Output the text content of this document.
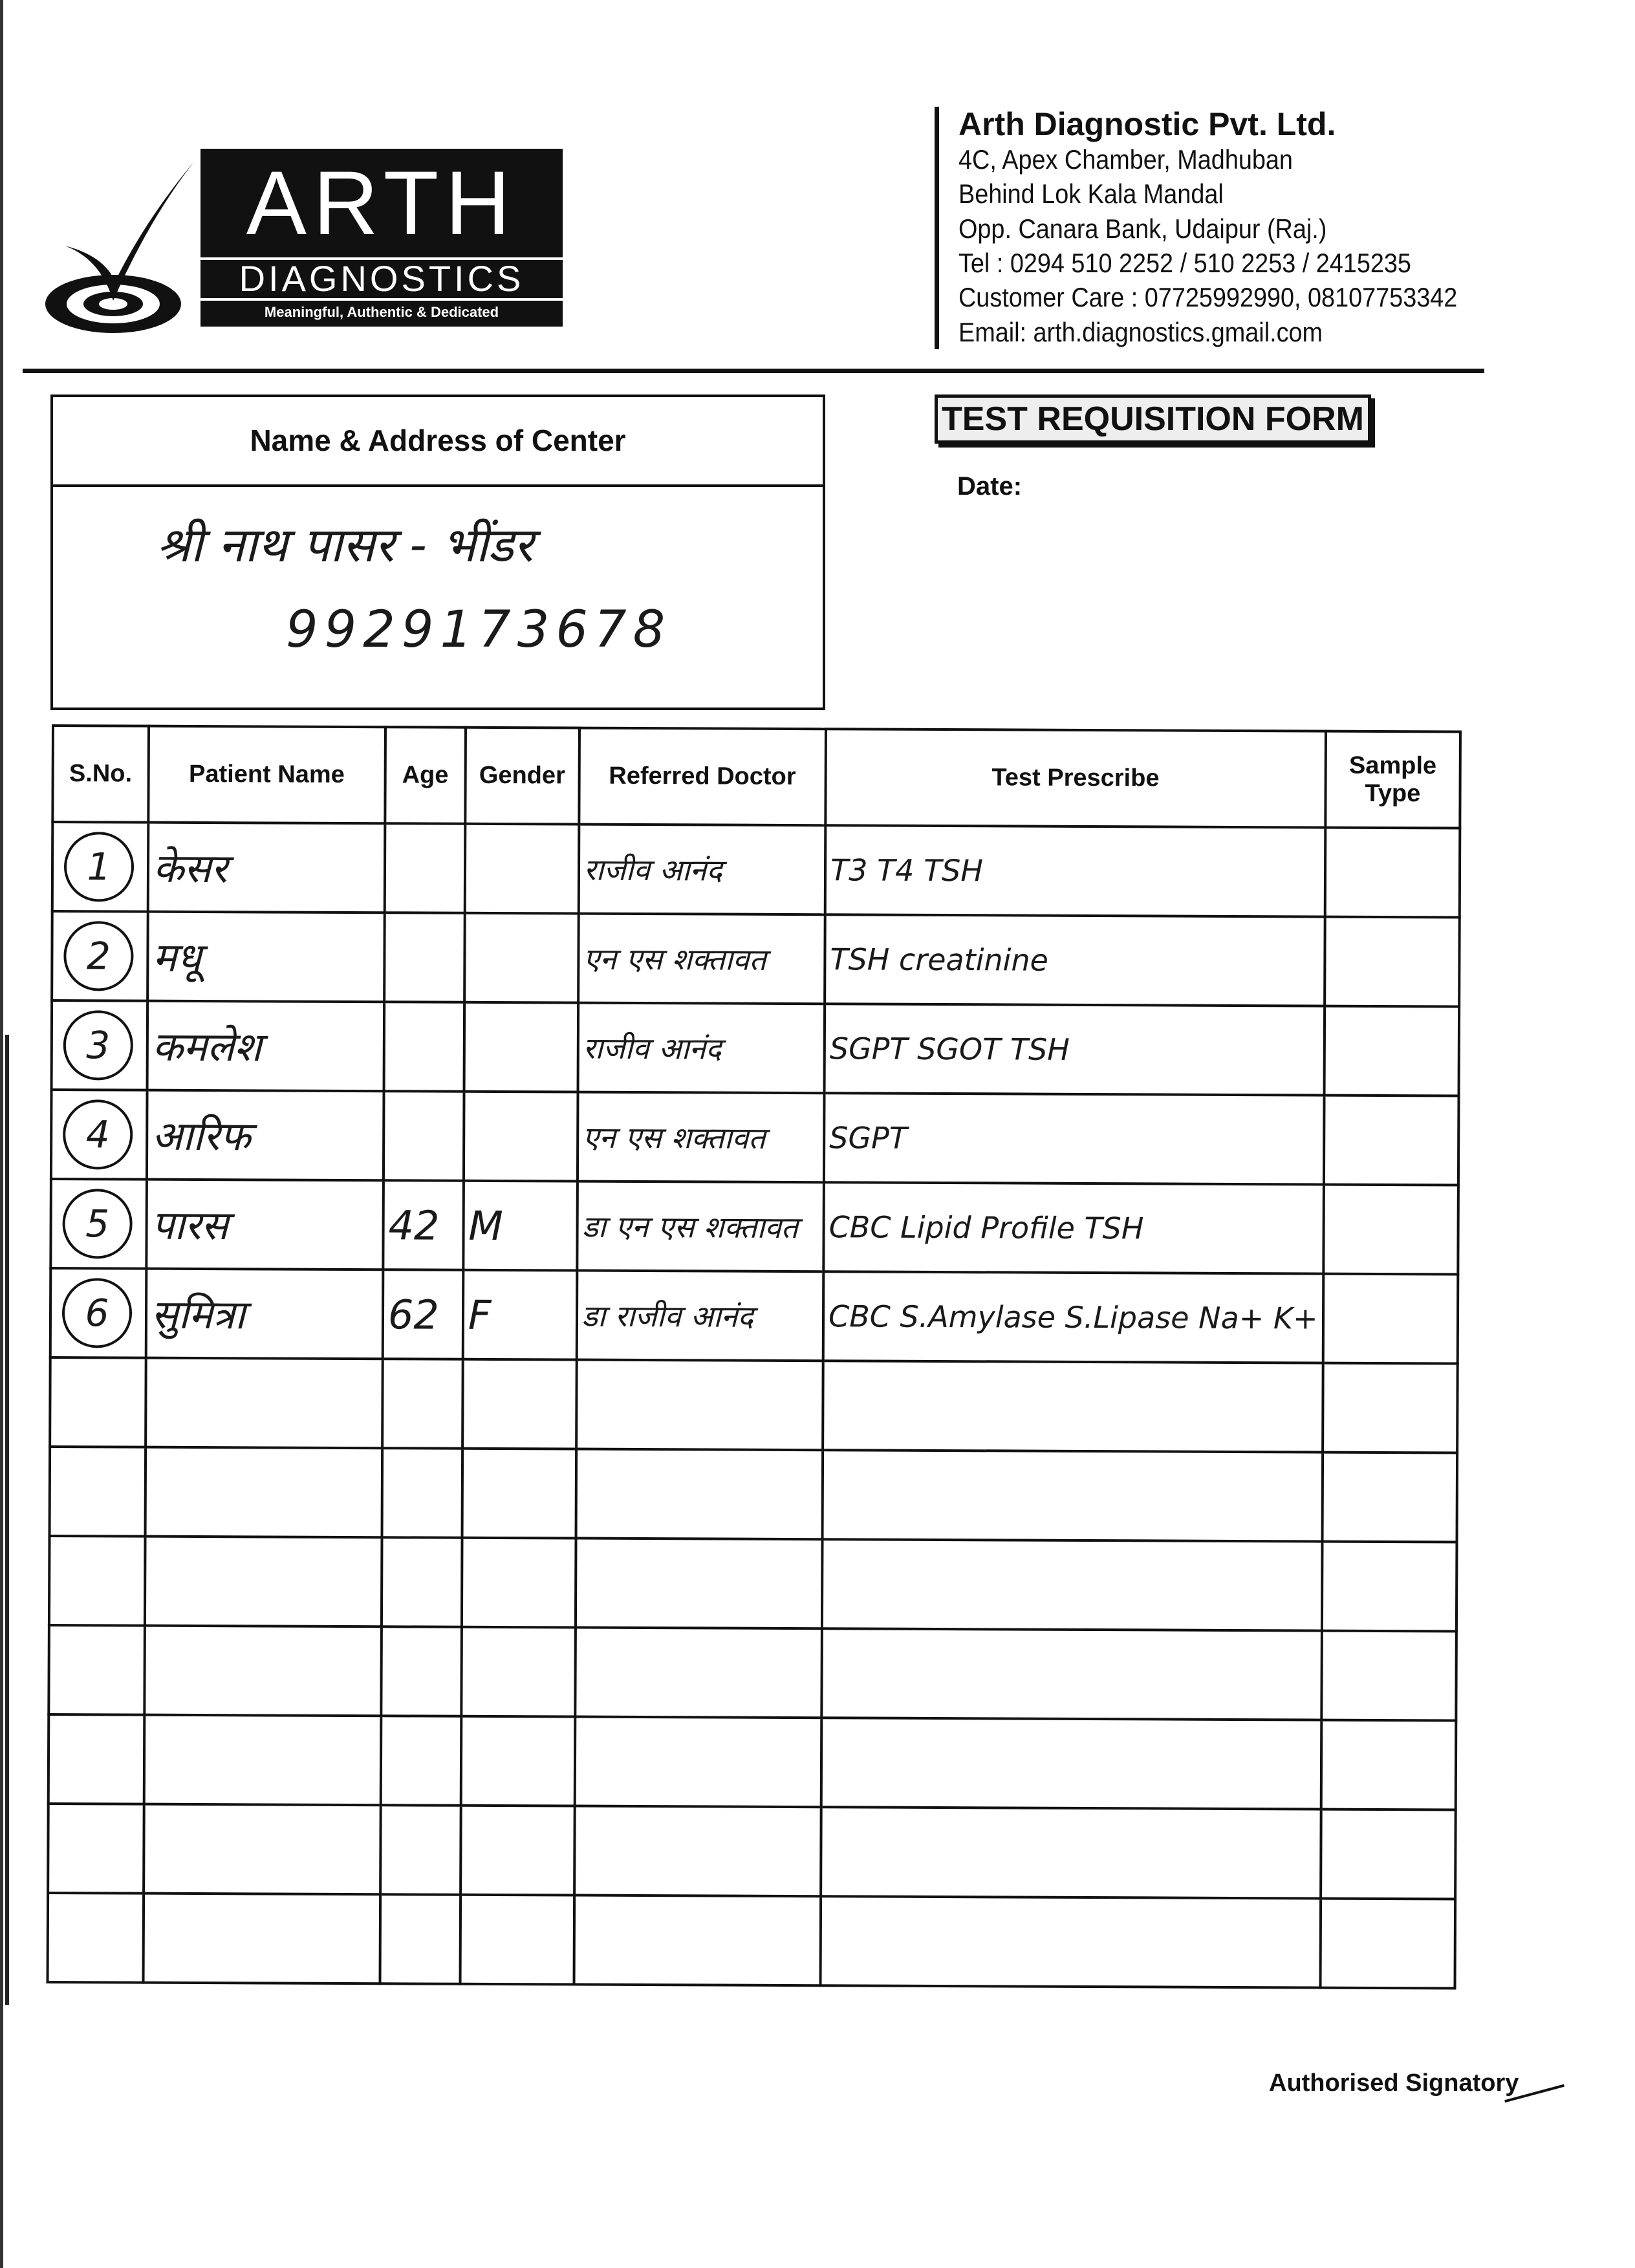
ARTH
DIAGNOSTICS
Meaningful, Authentic & Dedicated
Arth Diagnostic Pvt. Ltd.
4C, Apex Chamber, Madhuban
Behind Lok Kala Mandal
Opp. Canara Bank, Udaipur (Raj.)
Tel : 0294 510 2252 / 510 2253 / 2415235
Customer Care : 07725992990, 08107753342
Email: arth.diagnostics.gmail.com
Name & Address of Center
श्री नाथ पासर - भींडर
9929173678
TEST REQUISITION FORM
Date:
S.No.	Patient Name	Age	Gender	Referred Doctor	Test Prescribe	Sample Type
1	केसर			राजीव आनंद	T3 T4 TSH	
2	मधू			एन एस शक्तावत	TSH creatinine	
3	कमलेश			राजीव आनंद	SGPT SGOT TSH	
4	आरिफ			एन एस शक्तावत	SGPT	
5	पारस	42	M	डा एन एस शक्तावत	CBC Lipid Profile TSH	
6	सुमित्रा	62	F	डा राजीव आनंद	CBC S.Amylase S.Lipase Na+ K+	

Authorised Signatory
